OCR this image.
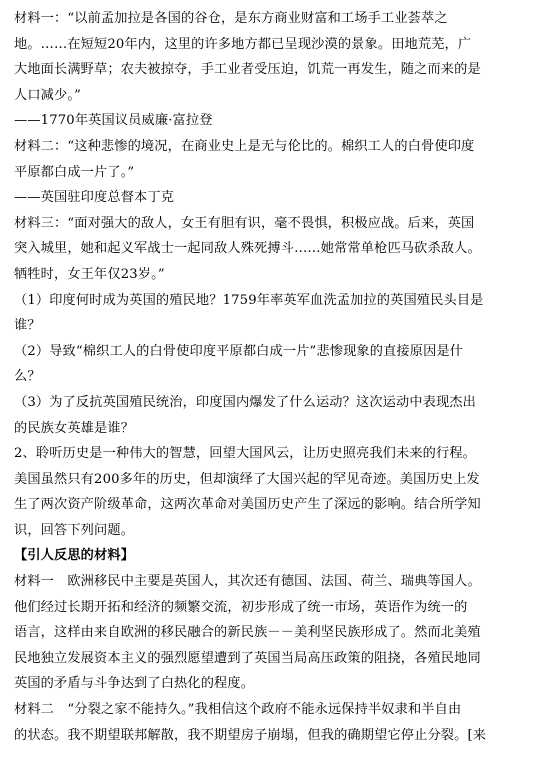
材料一：“以前孟加拉是各国的谷仓，是东方商业财富和工场手工业荟萃之
地。……在短短20年内，这里的许多地方都已呈现沙漠的景象。田地荒芜，广
大地面长满野草；农夫被掠夺，手工业者受压迫，饥荒一再发生，随之而来的是
人口减少。”
——1770年英国议员威廉·富拉登
材料二：“这种悲惨的境况，在商业史上是无与伦比的。棉织工人的白骨使印度
平原都白成一片了。”
——英国驻印度总督本丁克
材料三：“面对强大的敌人，女王有胆有识，毫不畏惧，积极应战。后来，英国
突入城里，她和起义军战士一起同敌人殊死搏斗……她常常单枪匹马砍杀敌人。
牺牲时，女王年仅23岁。”
（1）印度何时成为英国的殖民地？1759年率英军血洗孟加拉的英国殖民头目是
谁？
（2）导致“棉织工人的白骨使印度平原都白成一片”悲惨现象的直接原因是什
么？
（3）为了反抗英国殖民统治，印度国内爆发了什么运动？这次运动中表现杰出
的民族女英雄是谁？
2、聆听历史是一种伟大的智慧，回望大国风云，让历史照亮我们未来的行程。
美国虽然只有200多年的历史，但却演绎了大国兴起的罕见奇迹。美国历史上发
生了两次资产阶级革命，这两次革命对美国历史产生了深远的影响。结合所学知
识，回答下列问题。
【引人反思的材料】
材料一　欧洲移民中主要是英国人，其次还有德国、法国、荷兰、瑞典等国人。
他们经过长期开拓和经济的频繁交流，初步形成了统一市场，英语作为统一的
语言，这样由来自欧洲的移民融合的新民族－－美利坚民族形成了。然而北美殖
民地独立发展资本主义的强烈愿望遭到了英国当局高压政策的阻挠，各殖民地同
英国的矛盾与斗争达到了白热化的程度。
材料二　“分裂之家不能持久。”我相信这个政府不能永远保持半奴隶和半自由
的状态。我不期望联邦解散，我不期望房子崩塌，但我的确期望它停止分裂。[来
